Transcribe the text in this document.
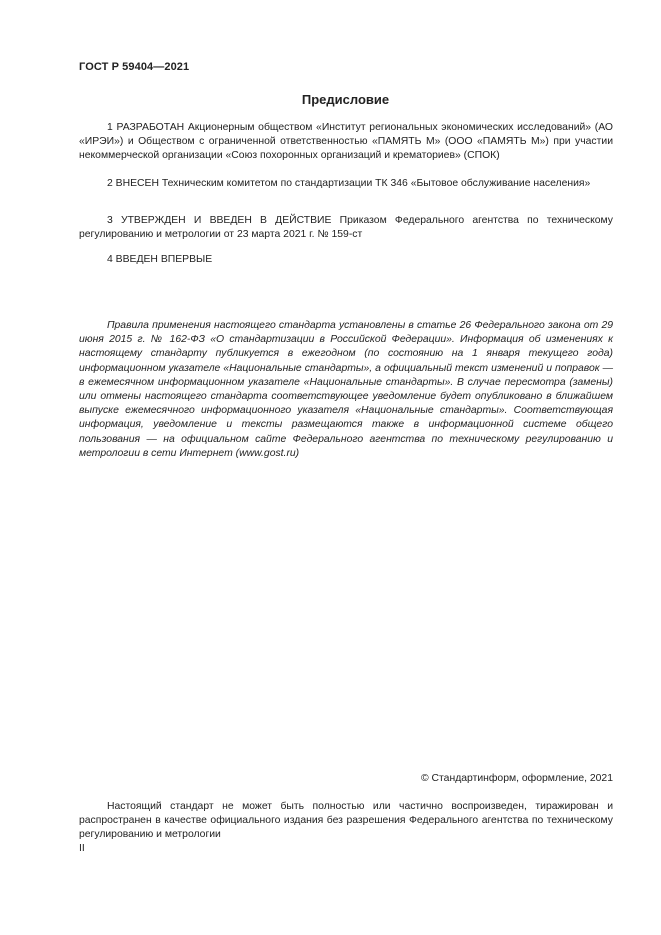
ГОСТ Р 59404—2021
Предисловие

1 РАЗРАБОТАН Акционерным обществом «Институт региональных экономических исследований» (АО «ИРЭИ») и Обществом с ограниченной ответственностью «ПАМЯТЬ М» (ООО «ПАМЯТЬ М») при участии некоммерческой организации «Союз похоронных организаций и крематориев» (СПОК)

2 ВНЕСЕН Техническим комитетом по стандартизации ТК 346 «Бытовое обслуживание населения»

3 УТВЕРЖДЕН И ВВЕДЕН В ДЕЙСТВИЕ Приказом Федерального агентства по техническому регулированию и метрологии от 23 марта 2021 г. № 159-ст

4 ВВЕДЕН ВПЕРВЫЕ

Правила применения настоящего стандарта установлены в статье 26 Федерального закона от 29 июня 2015 г. № 162-ФЗ «О стандартизации в Российской Федерации». Информация об изменениях к настоящему стандарту публикуется в ежегодном (по состоянию на 1 января текущего года) информационном указателе «Национальные стандарты», а официальный текст изменений и поправок — в ежемесячном информационном указателе «Национальные стандарты». В случае пересмотра (замены) или отмены настоящего стандарта соответствующее уведомление будет опубликовано в ближайшем выпуске ежемесячного информационного указателя «Национальные стандарты». Соответствующая информация, уведомление и тексты размещаются также в информационной системе общего пользования — на официальном сайте Федерального агентства по техническому регулированию и метрологии в сети Интернет (www.gost.ru)

© Стандартинформ, оформление, 2021

Настоящий стандарт не может быть полностью или частично воспроизведен, тиражирован и распространен в качестве официального издания без разрешения Федерального агентства по техническому регулированию и метрологии

II
